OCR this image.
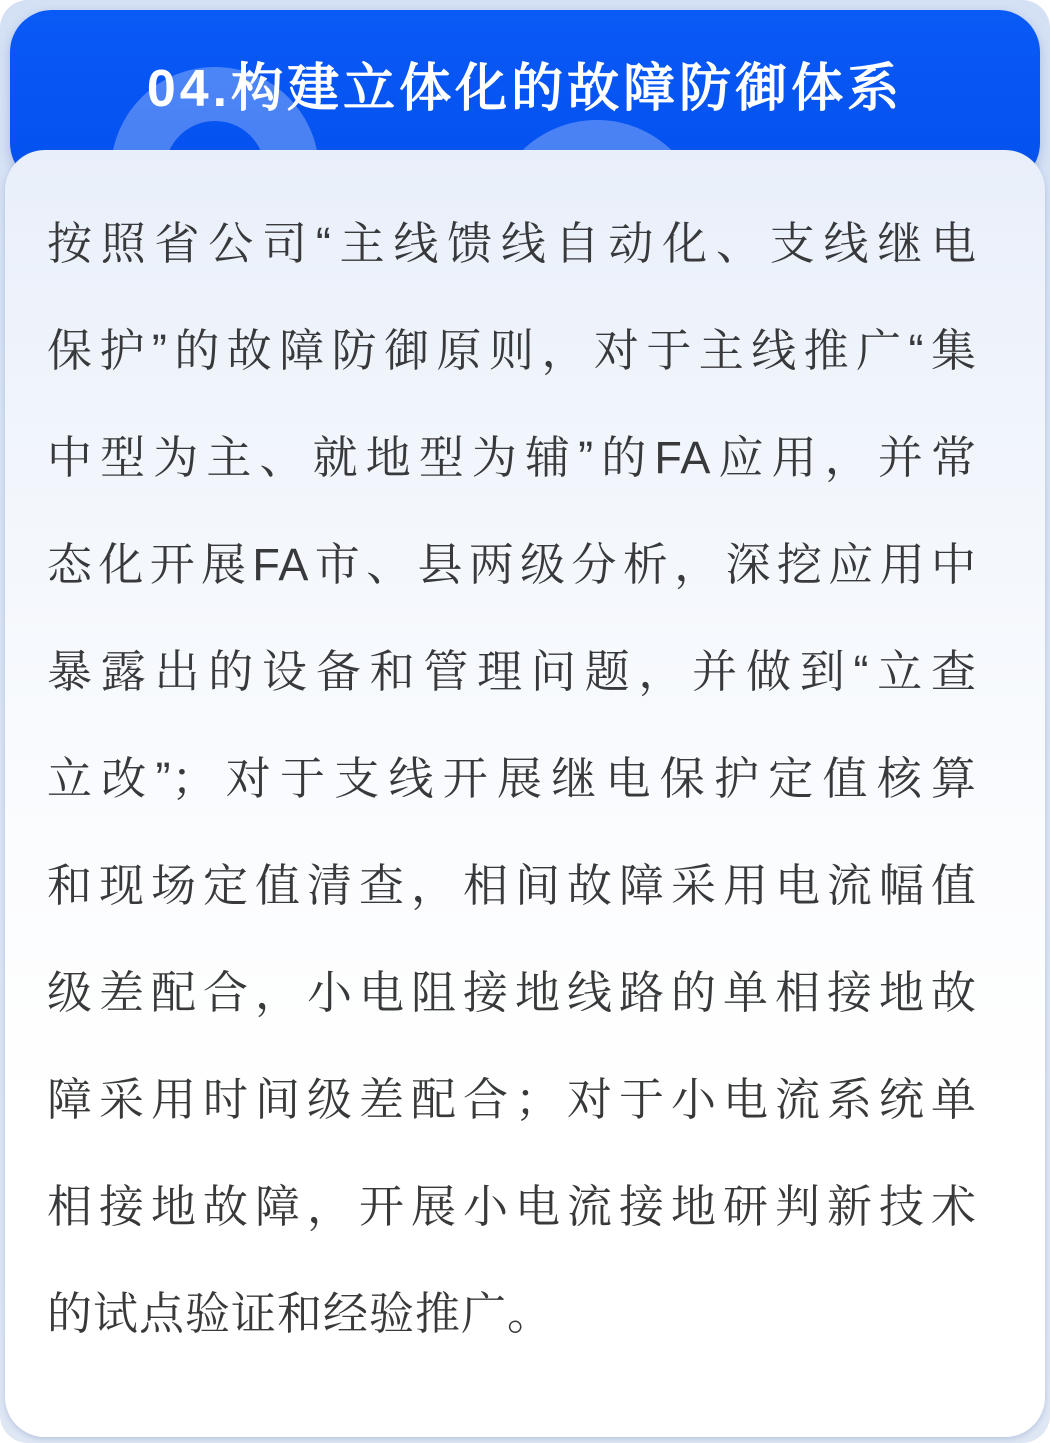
04.构建立体化的故障防御体系
按照省公司“主线馈线自动化、支线继电
保护”的故障防御原则，对于主线推广“集
中型为主、就地型为辅”的FA应用，并常
态化开展FA市、县两级分析，深挖应用中
暴露出的设备和管理问题，并做到“立查
立改”；对于支线开展继电保护定值核算
和现场定值清查，相间故障采用电流幅值
级差配合，小电阻接地线路的单相接地故
障采用时间级差配合；对于小电流系统单
相接地故障，开展小电流接地研判新技术
的试点验证和经验推广。
